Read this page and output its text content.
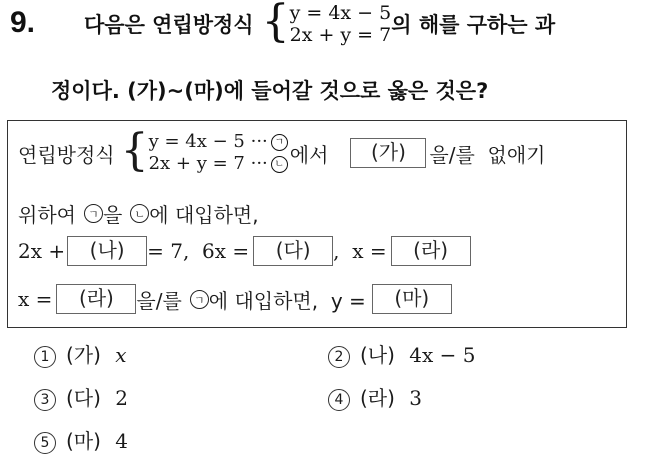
9. 다음은 연립방정식 { y = 4x − 5
2x + y = 7 의 해를 구하는 과
정이다. (가)~(마)에 들어갈 것으로 옳은 것은?
연립방정식 { y = 4x − 5 ··· ㄱ
2x + y = 7 ··· ㄴ 에서	(가)	을/를  없애기
위하여	ㄱ 을	ㄴ 에 대입하면,
2x +	(나)	= 7,  6x =	(다)	,  x =	(라)
x =	(라)	을/를	ㄱ 에 대입하면,  y =	(마)
1 (가) x	2 (나) 4x − 5
3 (다) 2	4 (라) 3
5 (마) 4
